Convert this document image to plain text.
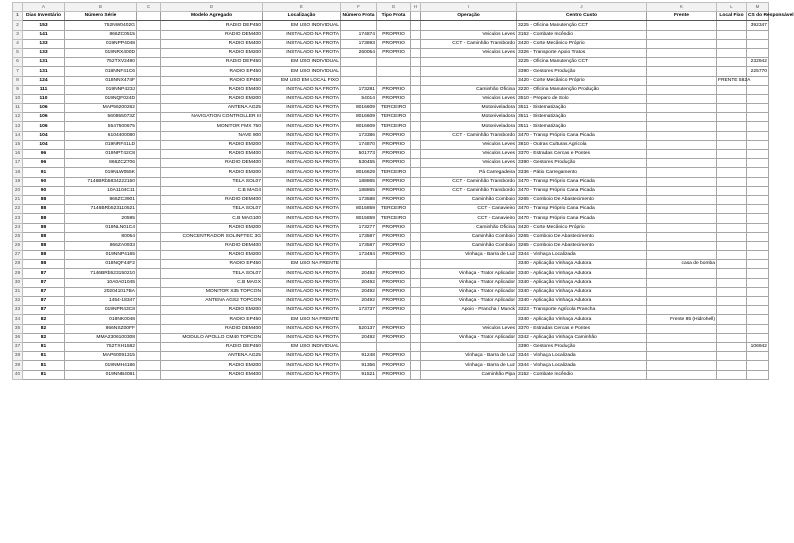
	A	B	C	D	E	F	G	H	I	J	K	L	M
1	Dias Inventário	Número Série		Modelo Agregado	Localização	Número Frota	Tipo Frota		Operação	Centro Custo	Frente	Local Fixo	CS do Responsável
2	153	752NW0402G		RADIO DEP450	EM USO INDIVIDUAL					3225 - Oficina Manutenção CCT			392347
3	141	866ZC0515		RADIO DEM400	INSTALADO NA FROTA	174874	PROPRIO		Veiculos Leves	3152 - Combate Incêndio			
4	133	019NPP4048		RADIO EM400	INSTALADO NA FROTA	173893	PROPRIO		CCT - Caminhão Transbordo	3420 - Corte Mecânico Próprio			
5	133	019NRX400D		RADIO EM200	INSTALADO NA FROTA	260054	PROPRIO		Veiculos Leves	3326 - Transporte Apoio Tratos			
6	131	752TXV2490		RADIO DEP450	EM USO INDIVIDUAL					3225 - Oficina Manutenção CCT			232942
7	131	018NNF41C6		RADIO EP450	EM USO INDIVIDUAL					3390 - Gestores Produção			225770
8	124	018NNX474F		RADIO EP450	EM USO EM LOCAL FIXO					3420 - Corte Mecânico Próprio		FRENTE 582A	
9	111	019NNP423J		RADIO EM400	INSTALADO NA FROTA	173281	PROPRIO		Caminhão Oficina	3220 - Oficina Manutenção Produção			
10	110	019NQF024D		RADIO EM200	INSTALADO NA FROTA	54014	PROPRIO		Veiculos Leves	3510 - Preparo de Solo			
11	106	MAP56200262		ANTENA AG25	INSTALADO NA FROTA	8016609	TERCEIRO		Motoniveladora	3511 - Sistematização			
12	106	560855073Z		NAVIGATION CONTROLLER III	INSTALADO NA FROTA	8016609	TERCEIRO		Motoniveladora	3511 - Sistematização			
13	106	5547500675		MONITOR FMX 750	INSTALADO NA FROTA	8016609	TERCEIRO		Motoniveladora	3511 - Sistematização			
14	104	6104400080		NAVE 900	INSTALADO NA FROTA	173386	PROPRIO		CCT - Caminhão Transbordo	3470 - Transp Próprio Cana Picada			
15	104	019NRF41LD		RADIO EM200	INSTALADO NA FROTA	174870	PROPRIO		Veiculos Leves	3810 - Outras Culturas Agrícola			
16	96	019NPT42C8		RADIO EM400	INSTALADO NA FROTA	501773	PROPRIO		Veiculos Leves	3370 - Estradas Cercas e Pontes			
17	96	866ZCZ706		RADIO DEM400	INSTALADO NA FROTA	530455	PROPRIO		Veiculos Leves	3390 - Gestores Produção			
18	91	019NLW055K		RADIO EM200	INSTALADO NA FROTA	8016629	TERCEIRO		Pá Carregadeira	3336 - Pátio Carregamento			
19	90	7146BRb5834222150		TELA SOL07	INSTALADO NA FROTA	188865	PROPRIO		CCT - Caminhão Transbordo	3470 - Transp Próprio Cana Picada			
20	90	10A1104C11		C.B MAG4	INSTALADO NA FROTA	188865	PROPRIO		CCT - Caminhão Transbordo	3470 - Transp Próprio Cana Picada			
21	88	866ZC3901		RADIO DEM400	INSTALADO NA FROTA	173588	PROPRIO		Caminhão Comboio	3265 - Comboio De Abastecimento			
22	88	7146BRb523110521		TELA SOL07	INSTALADO NA FROTA	8015859	TERCEIRO		CCT - Canavieiro	3470 - Transp Próprio Cana Picada			
23	88	20595		C.B MAG100	INSTALADO NA FROTA	8015859	TERCEIRO		CCT - Canavieiro	3470 - Transp Próprio Cana Picada			
24	88	019NLN01C4		RADIO EM200	INSTALADO NA FROTA	173277	PROPRIO		Caminhão Oficina	3420 - Corte Mecânico Próprio			
25	88	80054		CONCENTRADOR SOLINFTEC 3G	INSTALADO NA FROTA	173587	PROPRIO		Caminhão Comboio	3265 - Comboio De Abastecimento			
26	88	866ZA0933		RADIO DEM400	INSTALADO NA FROTA	173587	PROPRIO		Caminhão Comboio	3265 - Comboio De Abastecimento			
27	88	019NNP4165		RADIO EM200	INSTALADO NA FROTA	173484	PROPRIO		Vinhaça - Barra de Luz	3344 - Vinhaça Localizada			
28	88	018NQF44F2		RADIO EP450	EM USO NA FRENTE					3340 - Aplicação Vinhaça Adutora	casa de bomba		
29	87	7146BRb523150210		TELA SOL07	INSTALADO NA FROTA	20492	PROPRIO		Vinhaça - Trator Aplicador	3340 - Aplicação Vinhaça Adutora			
30	87	10A0A01045		C.B MAGX	INSTALADO NA FROTA	20492	PROPRIO		Vinhaça - Trator Aplicador	3340 - Aplicação Vinhaça Adutora			
31	87	202041017BA		MONITOR X35 TOPCON	INSTALADO NA FROTA	20492	PROPRIO		Vinhaça - Trator Aplicador	3340 - Aplicação Vinhaça Adutora			
32	87	1454-18347		ANTENA AGS2 TOPCON	INSTALADO NA FROTA	20492	PROPRIO		Vinhaça - Trator Aplicador	3340 - Aplicação Vinhaça Adutora			
33	87	019NPR43C8		RADIO EM200	INSTALADO NA FROTA	173737	PROPRIO		Apoio - Prancha / Munck	3323 - Transporte Agrícola Prancha			
34	82	018NK0048		RADIO EP450	EM USO NA FRENTE					3340 - Aplicação Vinhaça Adutora	Frente 85 (Hidrohell)		
35	82	866NSZ00FF		RADIO DEM400	INSTALADO NA FROTA	520137	PROPRIO		Veiculos Leves	3370 - Estradas Cercas e Pontes			
36	82	MMA2306100308		MODULO APOLLO CM40 TOPCON	INSTALADO NA FROTA	20492	PROPRIO		Vinhaça - Trator Aplicador	3342 - Aplicação Vinhaça Caminhão			
37	81	752TXH1582		RADIO DEP450	EM USO INDIVIDUAL					3390 - Gestores Produção			106942
38	81	MAP60091315		ANTENA AG25	INSTALADO NA FROTA	91248	PROPRIO		Vinhaça - Barra de Luz	3344 - Vinhaça Localizada			
39	81	019NMH4186		RADIO EM200	INSTALADO NA FROTA	91356	PROPRIO		Vinhaça - Barra de Luz	3344 - Vinhaça Localizada			
40	81	019NNB4081		RADIO EM400	INSTALADO NA FROTA	91521	PROPRIO		Caminhão Pipa	3152 - Combate Incêndio			
